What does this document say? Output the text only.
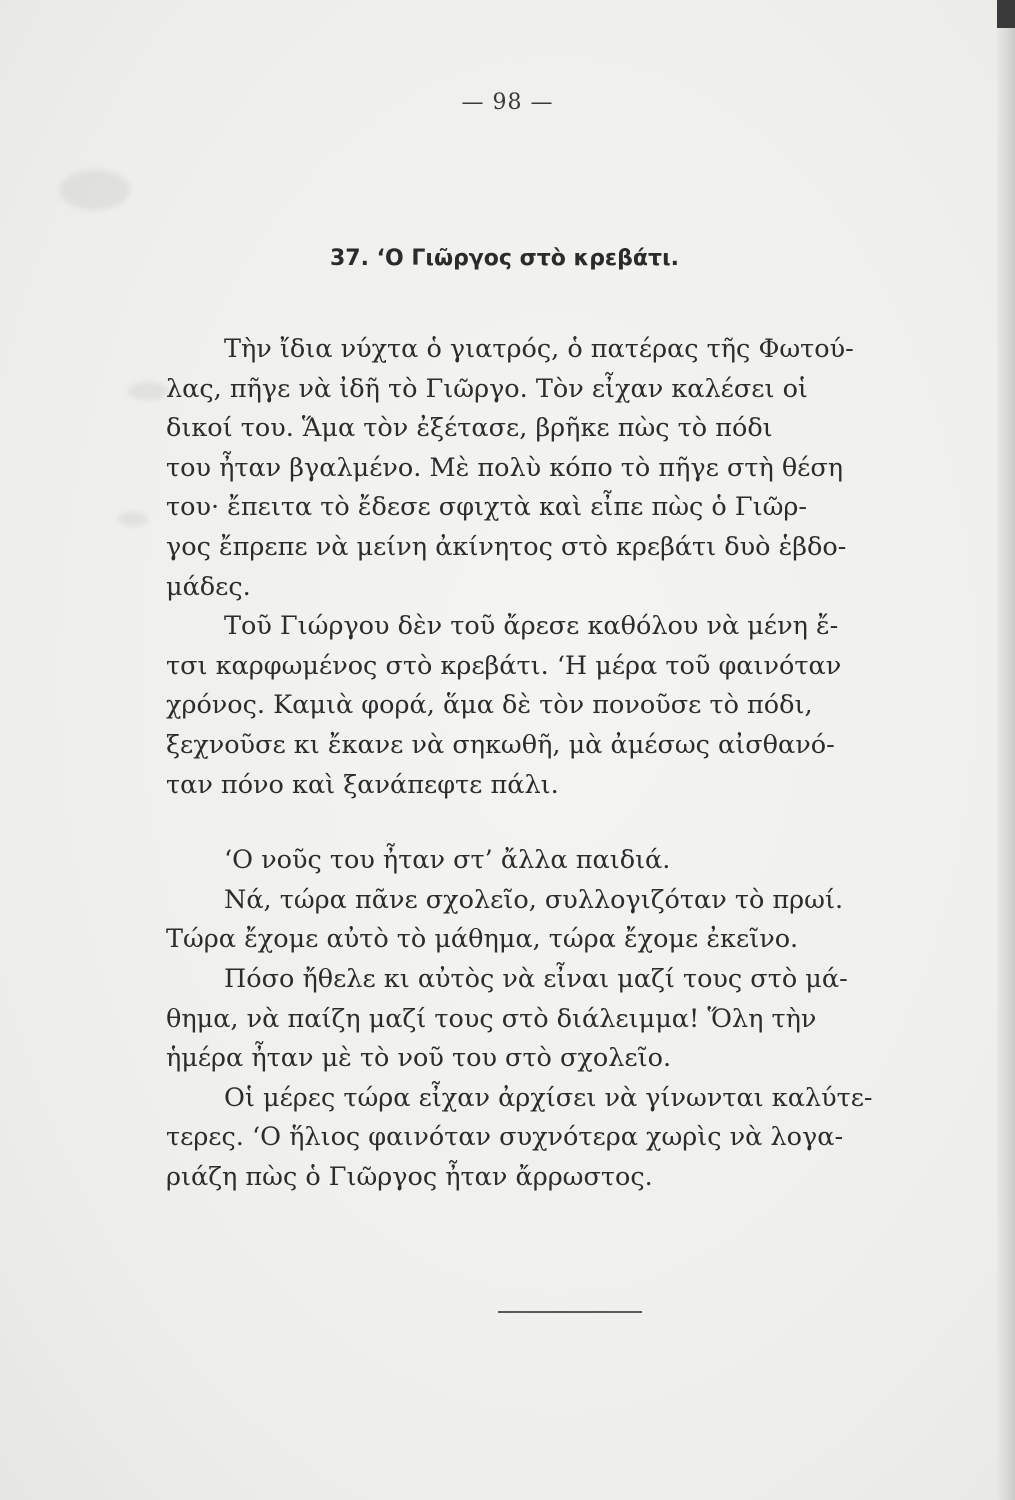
— 98 —
37. ‘Ο Γιῶργος στὸ κρεβάτι.
Τὴν ἴδια νύχτα ὁ γιατρός, ὁ πατέρας τῆς Φωτού-
λας, πῆγε νὰ ἰδῆ τὸ Γιῶργο. Τὸν εἶχαν καλέσει οἱ
δικοί του. Ἅμα τὸν ἐξέτασε, βρῆκε πὼς τὸ πόδι
του ἦταν βγαλμένο. Μὲ πολὺ κόπο τὸ πῆγε στὴ θέση
του· ἔπειτα τὸ ἔδεσε σφιχτὰ καὶ εἶπε πὼς ὁ Γιῶρ-
γος ἔπρεπε νὰ μείνη ἀκίνητος στὸ κρεβάτι δυὸ ἑβδο-
μάδες.
Τοῦ Γιώργου δὲν τοῦ ἄρεσε καθόλου νὰ μένη ἔ-
τσι καρφωμένος στὸ κρεβάτι. ‘Η μέρα τοῦ φαινόταν
χρόνος. Καμιὰ φορά, ἅμα δὲ τὸν πονοῦσε τὸ πόδι,
ξεχνοῦσε κι ἔκανε νὰ σηκωθῆ, μὰ ἀμέσως αἰσθανό-
ταν πόνο καὶ ξανάπεφτε πάλι.
‘Ο νοῦς του ἦταν στ’ ἄλλα παιδιά.
Νά, τώρα πᾶνε σχολεῖο, συλλογιζόταν τὸ πρωί.
Τώρα ἔχομε αὐτὸ τὸ μάθημα, τώρα ἔχομε ἐκεῖνο.
Πόσο ἤθελε κι αὐτὸς νὰ εἶναι μαζί τους στὸ μά-
θημα, νὰ παίζη μαζί τους στὸ διάλειμμα! Ὅλη τὴν
ἡμέρα ἦταν μὲ τὸ νοῦ του στὸ σχολεῖο.
Οἱ μέρες τώρα εἶχαν ἀρχίσει νὰ γίνωνται καλύτε-
τερες. ‘Ο ἥλιος φαινόταν συχνότερα χωρὶς νὰ λογα-
ριάζη πὼς ὁ Γιῶργος ἦταν ἄρρωστος.
